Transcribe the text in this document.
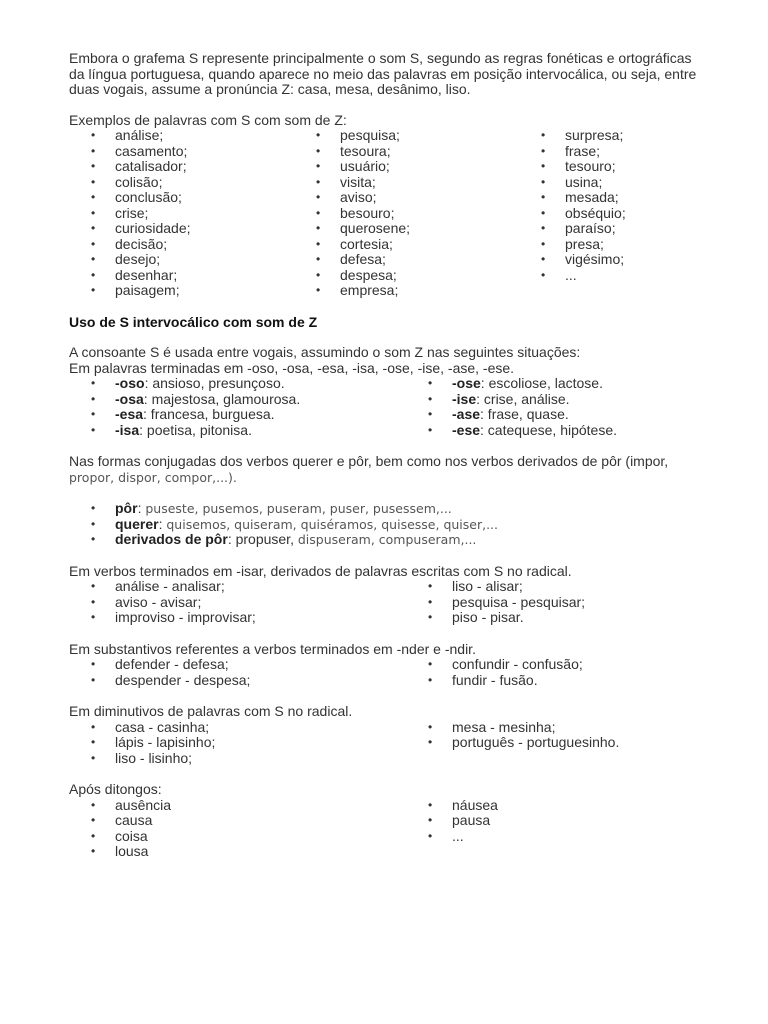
Embora o grafema S represente principalmente o som S, segundo as regras fonéticas e ortográficas da língua portuguesa, quando aparece no meio das palavras em posição intervocálica, ou seja, entre duas vogais, assume a pronúncia Z: casa, mesa, desânimo, liso.

Exemplos de palavras com S com som de Z:

• análise;
• casamento;
• catalisador;
• colisão;
• conclusão;
• crise;
• curiosidade;
• decisão;
• desejo;
• desenhar;
• paisagem;
• pesquisa;
• tesoura;
• usuário;
• visita;
• aviso;
• besouro;
• querosene;
• cortesia;
• defesa;
• despesa;
• empresa;
• surpresa;
• frase;
• tesouro;
• usina;
• mesada;
• obséquio;
• paraíso;
• presa;
• vigésimo;
• ...

Uso de S intervocálico com som de Z

A consoante S é usada entre vogais, assumindo o som Z nas seguintes situações:

Em palavras terminadas em -oso, -osa, -esa, -isa, -ose, -ise, -ase, -ese.

• -oso: ansioso, presunçoso.
• -osa: majestosa, glamourosa.
• -esa: francesa, burguesa.
• -isa: poetisa, pitonisa.
• -ose: escoliose, lactose.
• -ise: crise, análise.
• -ase: frase, quase.
• -ese: catequese, hipótese.

Nas formas conjugadas dos verbos querer e pôr, bem como nos verbos derivados de pôr (impor,

propor, dispor, compor,...).

• pôr: puseste, pusemos, puseram, puser, pusessem,...
• querer: quisemos, quiseram, quiséramos, quisesse, quiser,...
• derivados de pôr: propuser, dispuseram, compuseram,...

Em verbos terminados em -isar, derivados de palavras escritas com S no radical.

• análise - analisar;
• aviso - avisar;
• improviso - improvisar;
• liso - alisar;
• pesquisa - pesquisar;
• piso - pisar.

Em substantivos referentes a verbos terminados em -nder e -ndir.

• defender - defesa;
• despender - despesa;
• confundir - confusão;
• fundir - fusão.

Em diminutivos de palavras com S no radical.

• casa - casinha;
• lápis - lapisinho;
• liso - lisinho;
• mesa - mesinha;
• português - portuguesinho.

Após ditongos:

• ausência
• causa
• coisa
• lousa
• náusea
• pausa
• ...
